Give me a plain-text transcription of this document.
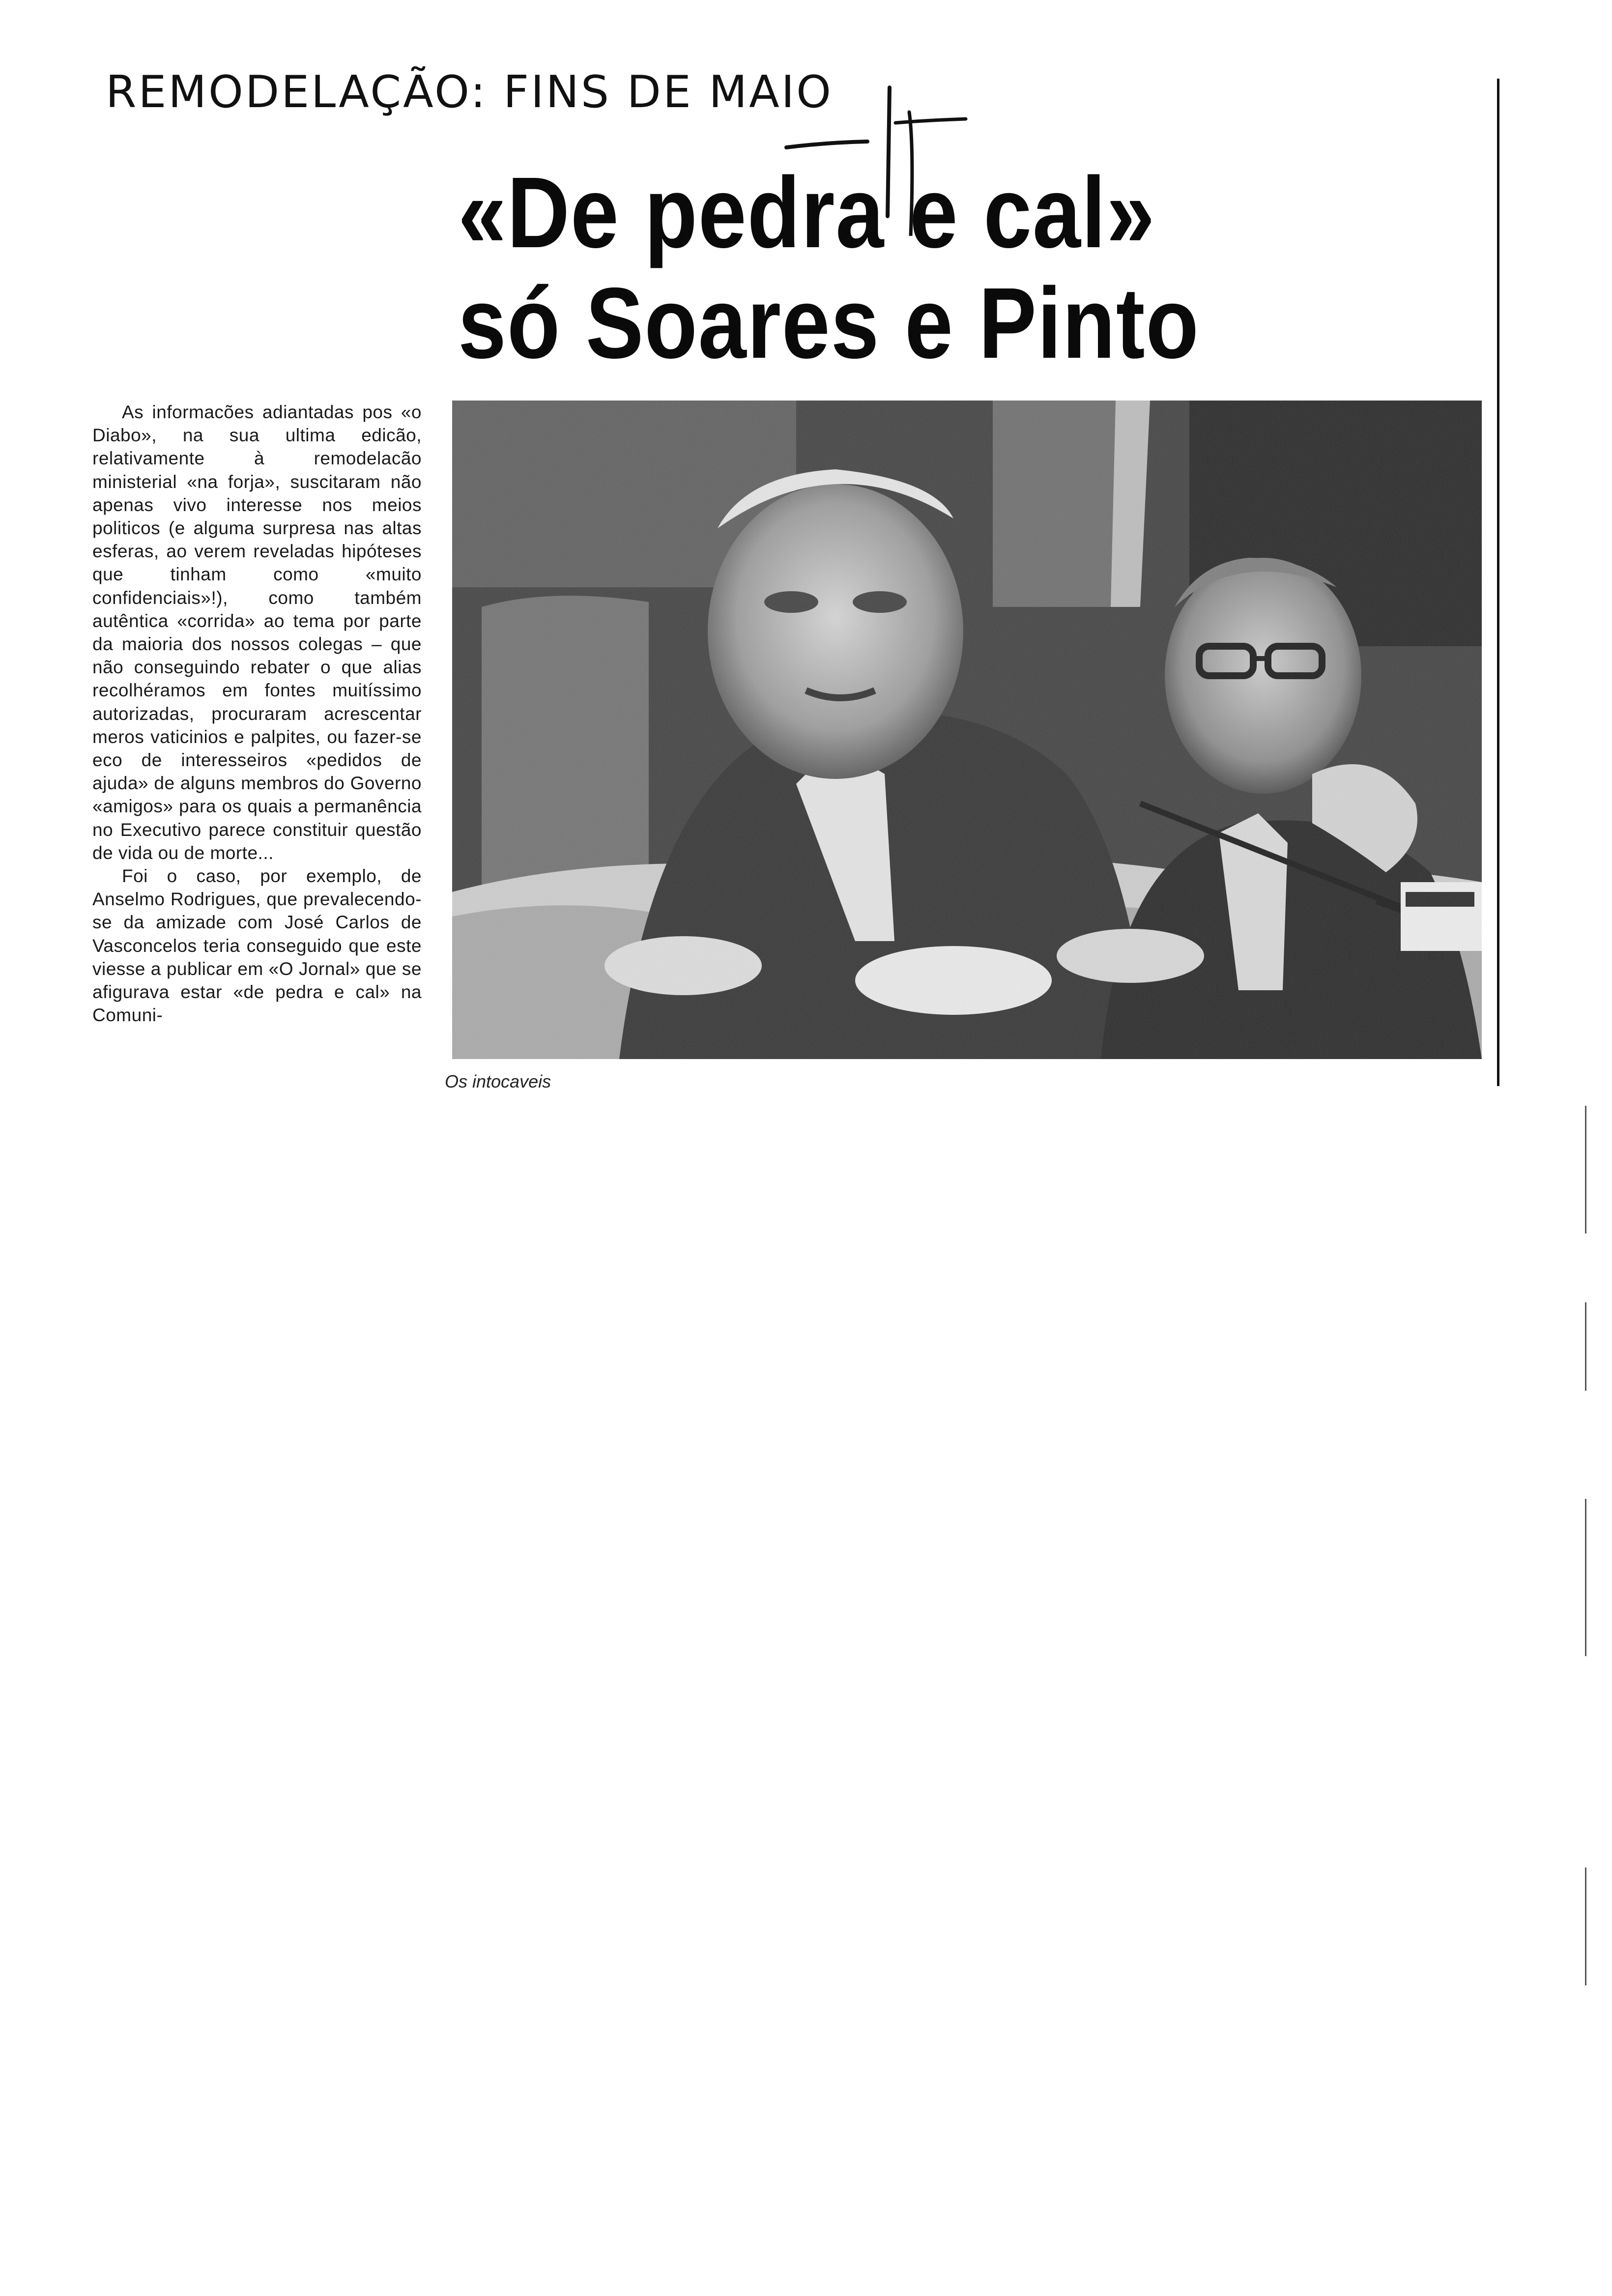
REMODELAÇÃO: FINS DE MAIO
«De pedra e cal»
só Soares e Pinto

As informacões adiantadas pos «o Diabo», na sua ultima edicão, relativamente à remodelacão ministerial «na forja», suscitaram não apenas vivo interesse nos meios politicos (e alguma surpresa nas altas esferas, ao verem reveladas hipóteses que tinham como «muito confidenciais»!), como também autêntica «corrida» ao tema por parte da maioria dos nossos colegas – que não conseguindo rebater o que alias recolhéramos em fontes muitíssimo autorizadas, procuraram acrescentar meros vaticinios e palpites, ou fazer-se eco de interesseiros «pedidos de ajuda» de alguns membros do Governo «amigos» para os quais a permanência no Executivo parece constituir questão de vida ou de morte...

Foi o caso, por exemplo, de Anselmo Rodrigues, que prevalecendo-se da amizade com José Carlos de Vasconcelos teria conseguido que este viesse a publicar em «O Jornal» que se afigurava estar «de pedra e cal» na Comuni-

Os intocaveis
